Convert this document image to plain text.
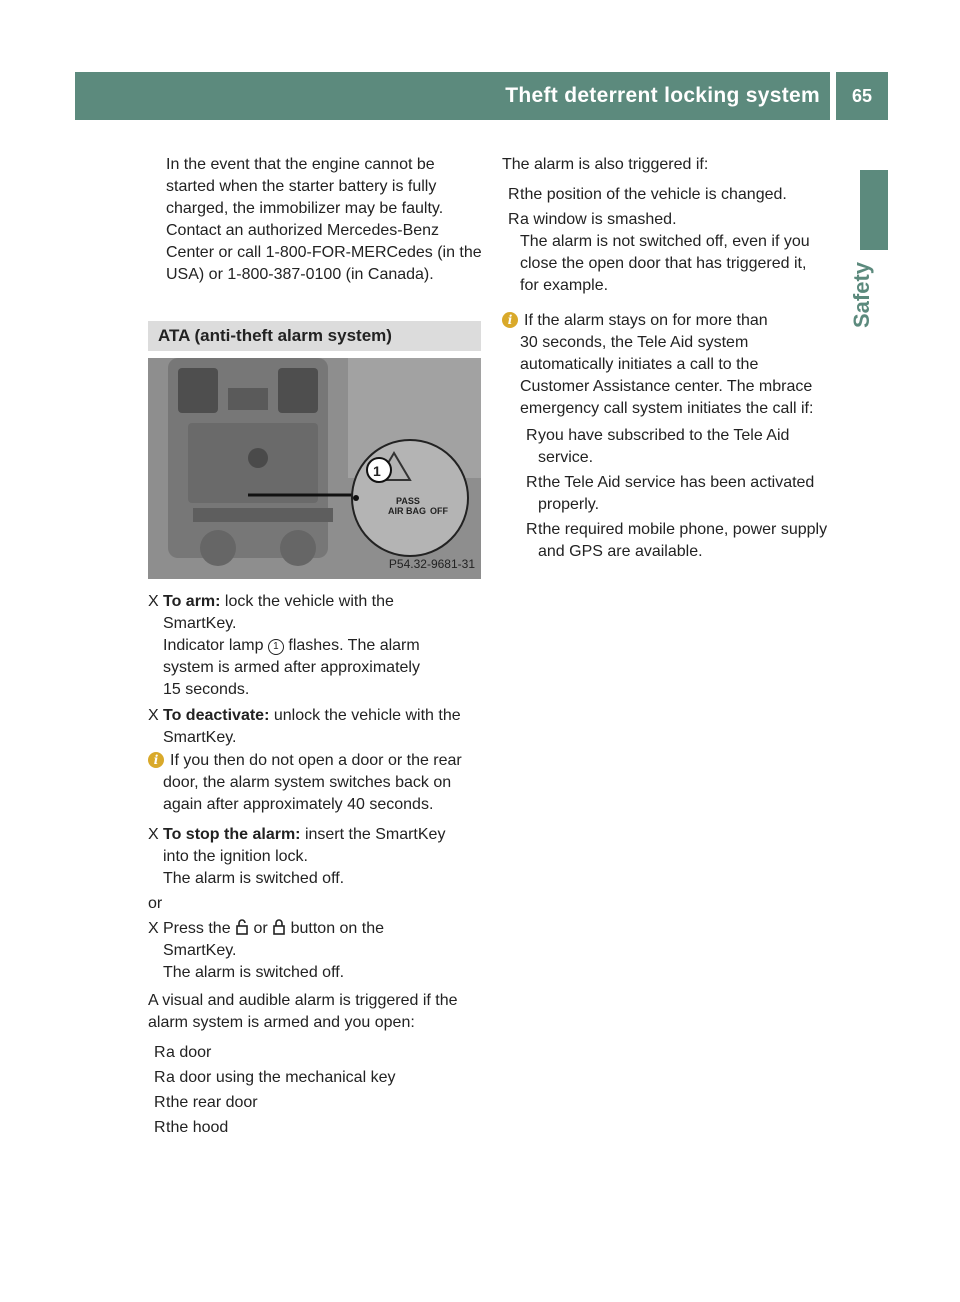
Theft deterrent locking system	65
Safety

In the event that the engine cannot be

started when the starter battery is fully

charged, the immobilizer may be faulty.

Contact an authorized Mercedes-Benz

Center or call 1-800-FOR-MERCedes (in the

USA) or 1-800-387-0100 (in Canada).

ATA (anti-theft alarm system)
1
PASS
AIR BAG OFF
P54.32-9681-31

X To arm: lock the vehicle with the

SmartKey.

Indicator lamp 1 flashes. The alarm

system is armed after approximately

15 seconds.

X To deactivate: unlock the vehicle with the

SmartKey.

i If you then do not open a door or the rear

door, the alarm system switches back on

again after approximately 40 seconds.

X To stop the alarm: insert the SmartKey

into the ignition lock.

The alarm is switched off.

or

X Press the  or  button on the

SmartKey.

The alarm is switched off.

A visual and audible alarm is triggered if the

alarm system is armed and you open:

Ra door

Ra door using the mechanical key

Rthe rear door

Rthe hood

The alarm is also triggered if:

Rthe position of the vehicle is changed.

Ra window is smashed.

The alarm is not switched off, even if you

close the open door that has triggered it,

for example.

i If the alarm stays on for more than

30 seconds, the Tele Aid system

automatically initiates a call to the

Customer Assistance center. The mbrace

emergency call system initiates the call if:

Ryou have subscribed to the Tele Aid

service.

Rthe Tele Aid service has been activated

properly.

Rthe required mobile phone, power supply

and GPS are available.
